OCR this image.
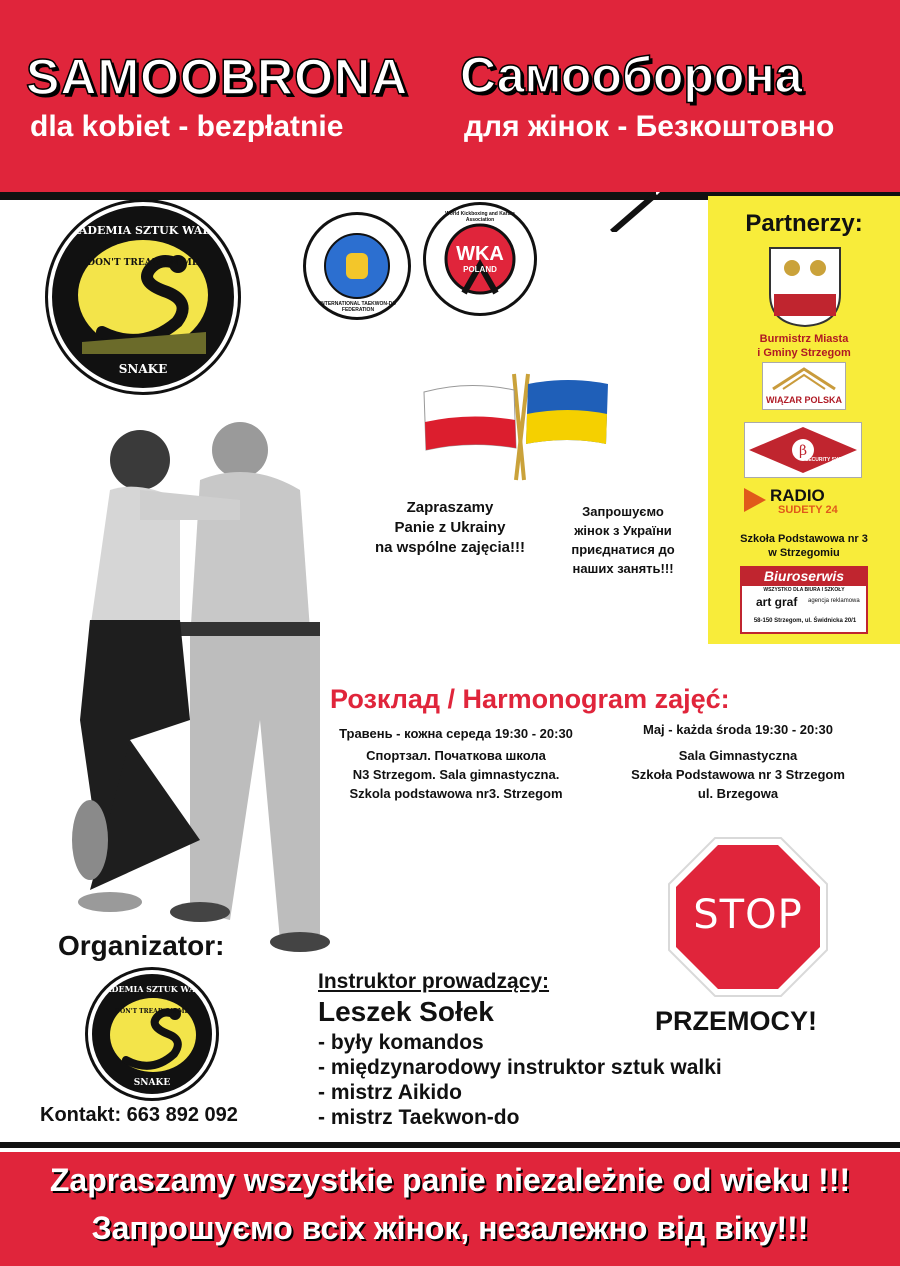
SAMOOBRONA Самооборона
dla kobiet - bezpłatnie	для жінок - Безкоштовно
AKADEMIA SZTUK WALKI
DON'T TREAD ON ME
SNAKE
INTERNATIONAL TAEKWON-DO FEDERATION
WKA
POLAND
World Kickboxing and Karate Association	Partnerzy:
Burmistrz Miasta
i Gminy Strzegom
WIĄZAR POLSKA
β
SECURITY SYSTEM
RADIO
SUDETY 24
Szkoła Podstawowa nr 3
w Strzegomiu
Biuroserwis
WSZYSTKO DLA BIURA I SZKOŁY
art graf agencja reklamowa
58-150 Strzegom, ul. Świdnicka 20/1
Zapraszamy
Panie z Ukrainy
na wspólne zajęcia!!!
Запрошуємо
жінок з України
приєднатися до
наших занять!!!
Розклад / Harmonogram zajęć:
Травень - кожна середа 19:30 - 20:30
Спортзал. Початкова школа
N3 Strzegom. Sala gimnastyczna.
Szkola podstawowa nr3. Strzegom
Maj - każda środa 19:30 - 20:30
Sala Gimnastyczna
Szkoła Podstawowa nr 3 Strzegom
ul. Brzegowa
STOP
PRZEMOCY!
Organizator:
AKADEMIA SZTUK WALKI
DON'T TREAD ON ME
SNAKE
Kontakt: 663 892 092
Instruktor prowadzący:
Leszek Sołek
- były komandos
- międzynarodowy instruktor sztuk walki
- mistrz Aikido
- mistrz Taekwon-do
Zapraszamy wszystkie panie niezależnie od wieku !!!
Запрошуємо всіх жінок, незалежно від віку!!!
